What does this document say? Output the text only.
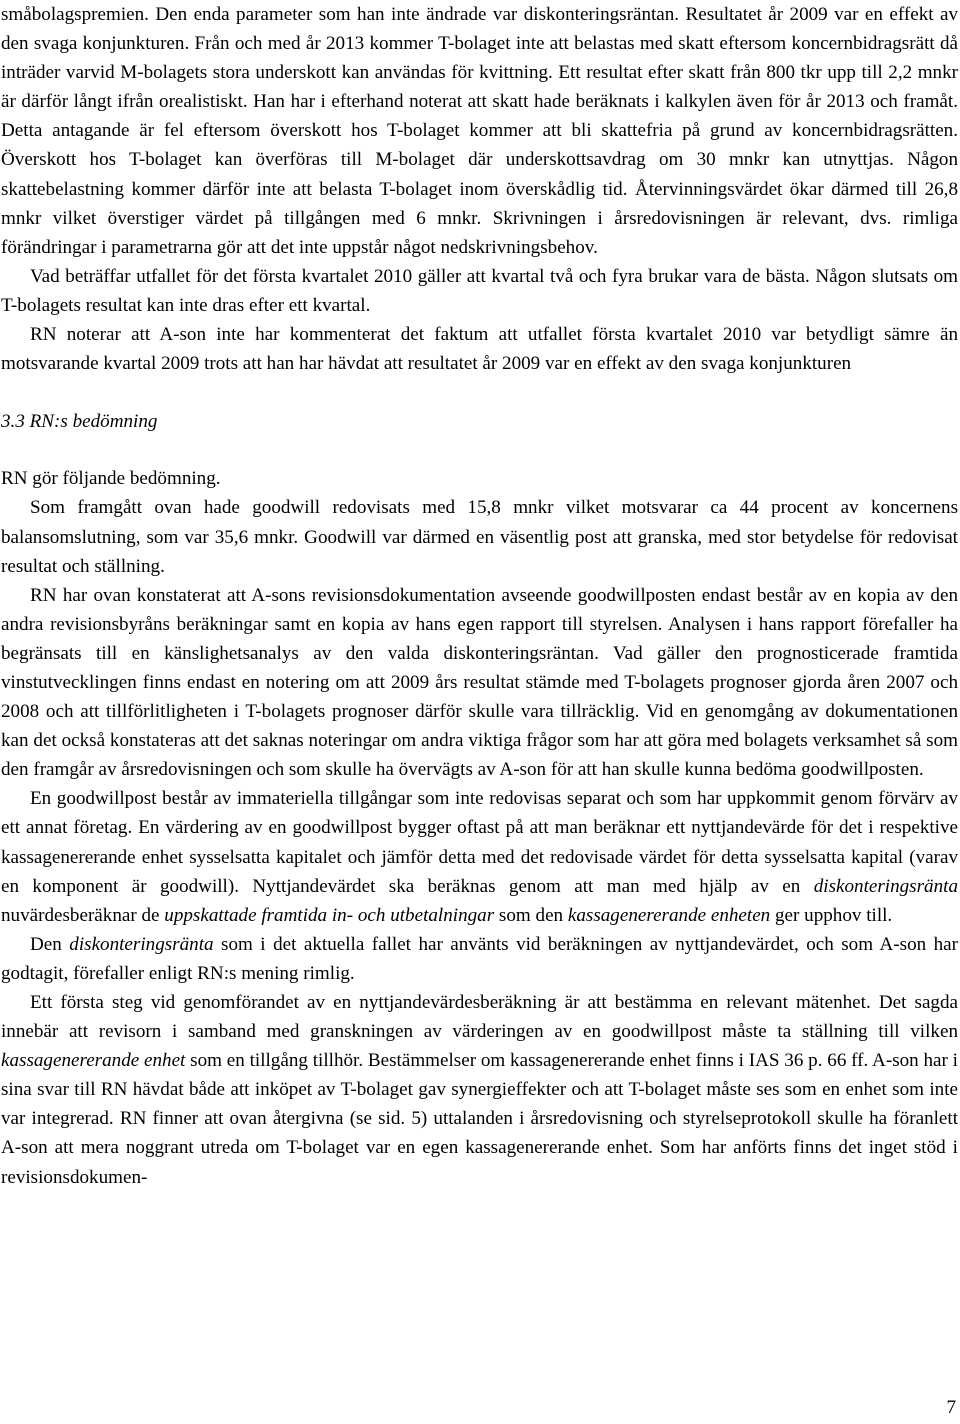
småbolagspremien. Den enda parameter som han inte ändrade var diskonteringsräntan. Resultatet år 2009 var en effekt av den svaga konjunkturen. Från och med år 2013 kommer T-bolaget inte att belastas med skatt eftersom koncernbidragsrätt då inträder varvid M-bolagets stora underskott kan användas för kvittning. Ett resultat efter skatt från 800 tkr upp till 2,2 mnkr är därför långt ifrån orealistiskt. Han har i efterhand noterat att skatt hade beräknats i kalkylen även för år 2013 och framåt. Detta antagande är fel eftersom överskott hos T-bolaget kommer att bli skattefria på grund av koncernbidragsrätten. Överskott hos T-bolaget kan överföras till M-bolaget där underskottsavdrag om 30 mnkr kan utnyttjas. Någon skattebelastning kommer därför inte att belasta T-bolaget inom överskådlig tid. Återvinningsvärdet ökar därmed till 26,8 mnkr vilket överstiger värdet på tillgången med 6 mnkr. Skrivningen i årsredovisningen är relevant, dvs. rimliga förändringar i parametrarna gör att det inte uppstår något nedskrivningsbehov.

Vad beträffar utfallet för det första kvartalet 2010 gäller att kvartal två och fyra brukar vara de bästa. Någon slutsats om T-bolagets resultat kan inte dras efter ett kvartal.

RN noterar att A-son inte har kommenterat det faktum att utfallet första kvartalet 2010 var betydligt sämre än motsvarande kvartal 2009 trots att han har hävdat att resultatet år 2009 var en effekt av den svaga konjunkturen

3.3 RN:s bedömning

RN gör följande bedömning.

Som framgått ovan hade goodwill redovisats med 15,8 mnkr vilket motsvarar ca 44 procent av koncernens balansomslutning, som var 35,6 mnkr. Goodwill var därmed en väsentlig post att granska, med stor betydelse för redovisat resultat och ställning.

RN har ovan konstaterat att A-sons revisionsdokumentation avseende goodwillposten endast består av en kopia av den andra revisionsbyråns beräkningar samt en kopia av hans egen rapport till styrelsen. Analysen i hans rapport förefaller ha begränsats till en känslighetsanalys av den valda diskonteringsräntan. Vad gäller den prognosticerade framtida vinstutvecklingen finns endast en notering om att 2009 års resultat stämde med T-bolagets prognoser gjorda åren 2007 och 2008 och att tillförlitligheten i T-bolagets prognoser därför skulle vara tillräcklig. Vid en genomgång av dokumentationen kan det också konstateras att det saknas noteringar om andra viktiga frågor som har att göra med bolagets verksamhet så som den framgår av årsredovisningen och som skulle ha övervägts av A-son för att han skulle kunna bedöma goodwillposten.

En goodwillpost består av immateriella tillgångar som inte redovisas separat och som har uppkommit genom förvärv av ett annat företag. En värdering av en goodwillpost bygger oftast på att man beräknar ett nyttjandevärde för det i respektive kassagenererande enhet sysselsatta kapitalet och jämför detta med det redovisade värdet för detta sysselsatta kapital (varav en komponent är goodwill). Nyttjandevärdet ska beräknas genom att man med hjälp av en diskonteringsränta nuvärdesberäknar de uppskattade framtida in- och utbetalningar som den kassagenererande enheten ger upphov till.

Den diskonteringsränta som i det aktuella fallet har använts vid beräkningen av nyttjandevärdet, och som A-son har godtagit, förefaller enligt RN:s mening rimlig.

Ett första steg vid genomförandet av en nyttjandevärdesberäkning är att bestämma en relevant mätenhet. Det sagda innebär att revisorn i samband med granskningen av värderingen av en goodwillpost måste ta ställning till vilken kassagenererande enhet som en tillgång tillhör. Bestämmelser om kassagenererande enhet finns i IAS 36 p. 66 ff. A-son har i sina svar till RN hävdat både att inköpet av T-bolaget gav synergieffekter och att T-bolaget måste ses som en enhet som inte var integrerad. RN finner att ovan återgivna (se sid. 5) uttalanden i årsredovisning och styrelseprotokoll skulle ha föranlett A-son att mera noggrant utreda om T-bolaget var en egen kassagenererande enhet. Som har anförts finns det inget stöd i revisionsdokumen-

7
